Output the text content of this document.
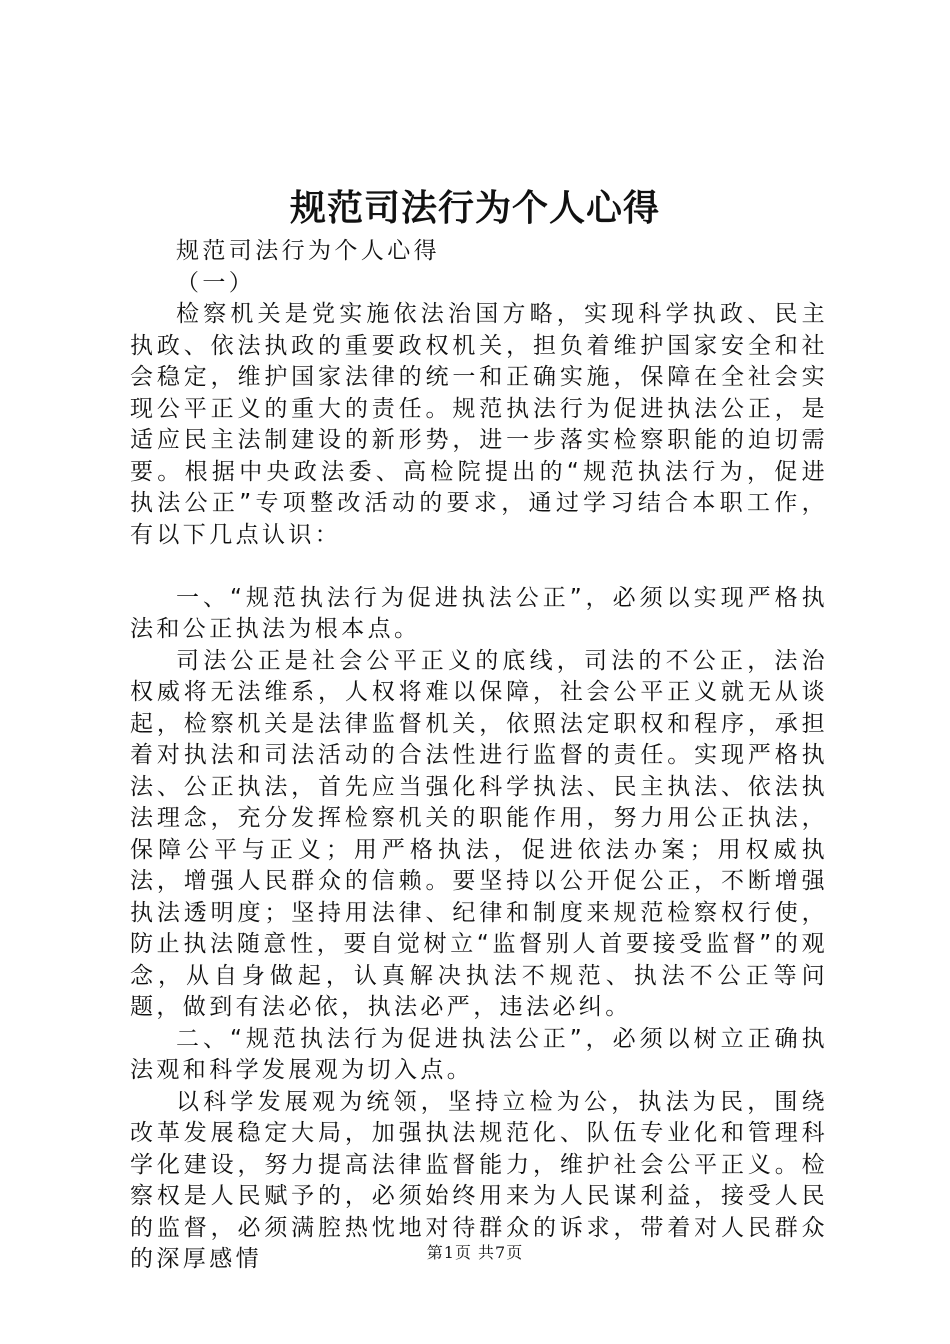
规范司法行为个人心得

规范司法行为个人心得

（一）

检察机关是党实施依法治国方略，实现科学执政、民主执政、依法执政的重要政权机关，担负着维护国家安全和社会稳定，维护国家法律的统一和正确实施，保障在全社会实现公平正义的重大的责任。规范执法行为促进执法公正，是适应民主法制建设的新形势，进一步落实检察职能的迫切需要。根据中央政法委、高检院提出的“规范执法行为，促进执法公正”专项整改活动的要求，通过学习结合本职工作，有以下几点认识：

一、“规范执法行为促进执法公正”，必须以实现严格执法和公正执法为根本点。

司法公正是社会公平正义的底线，司法的不公正，法治权威将无法维系，人权将难以保障，社会公平正义就无从谈起，检察机关是法律监督机关，依照法定职权和程序，承担着对执法和司法活动的合法性进行监督的责任。实现严格执法、公正执法，首先应当强化科学执法、民主执法、依法执法理念，充分发挥检察机关的职能作用，努力用公正执法，保障公平与正义；用严格执法，促进依法办案；用权威执法，增强人民群众的信赖。要坚持以公开促公正，不断增强执法透明度；坚持用法律、纪律和制度来规范检察权行使，防止执法随意性，要自觉树立“监督别人首要接受监督”的观念，从自身做起，认真解决执法不规范、执法不公正等问题，做到有法必依，执法必严，违法必纠。

二、“规范执法行为促进执法公正”，必须以树立正确执法观和科学发展观为切入点。

以科学发展观为统领，坚持立检为公，执法为民，围绕改革发展稳定大局，加强执法规范化、队伍专业化和管理科学化建设，努力提高法律监督能力，维护社会公平正义。检察权是人民赋予的，必须始终用来为人民谋利益，接受人民的监督，必须满腔热忱地对待群众的诉求，带着对人民群众的深厚感情	第1页 共7页
